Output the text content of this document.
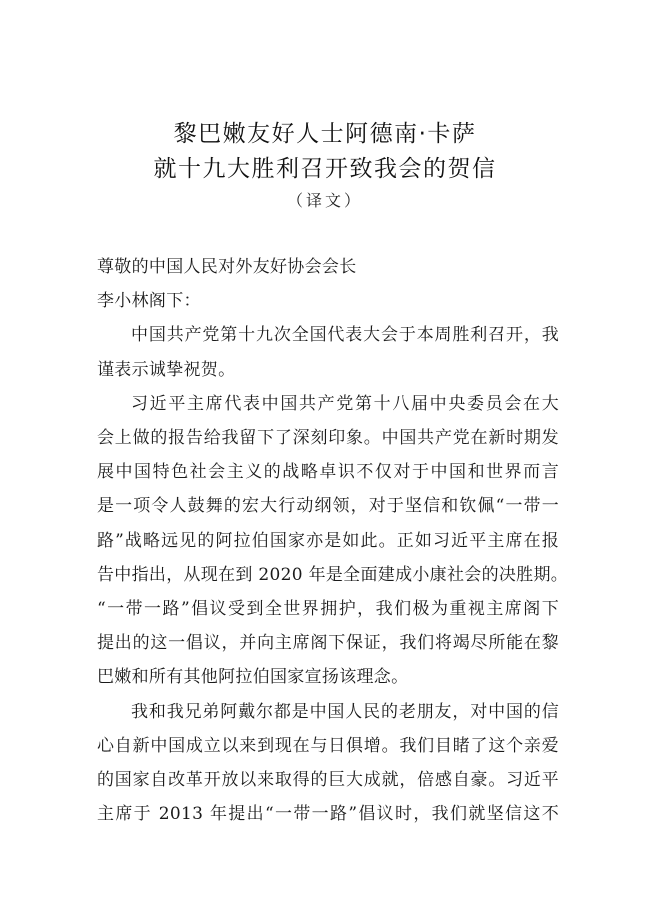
黎巴嫩友好人士阿德南·卡萨
就十九大胜利召开致我会的贺信
（译文）
尊敬的中国人民对外友好协会会长
李小林阁下：
中国共产党第十九次全国代表大会于本周胜利召开，我
谨表示诚挚祝贺。
习近平主席代表中国共产党第十八届中央委员会在大
会上做的报告给我留下了深刻印象。中国共产党在新时期发
展中国特色社会主义的战略卓识不仅对于中国和世界而言
是一项令人鼓舞的宏大行动纲领，对于坚信和钦佩“一带一
路”战略远见的阿拉伯国家亦是如此。正如习近平主席在报
告中指出，从现在到 2020 年是全面建成小康社会的决胜期。
“一带一路”倡议受到全世界拥护，我们极为重视主席阁下
提出的这一倡议，并向主席阁下保证，我们将竭尽所能在黎
巴嫩和所有其他阿拉伯国家宣扬该理念。
我和我兄弟阿戴尔都是中国人民的老朋友，对中国的信
心自新中国成立以来到现在与日俱增。我们目睹了这个亲爱
的国家自改革开放以来取得的巨大成就，倍感自豪。习近平
主席于 2013 年提出“一带一路”倡议时，我们就坚信这不
